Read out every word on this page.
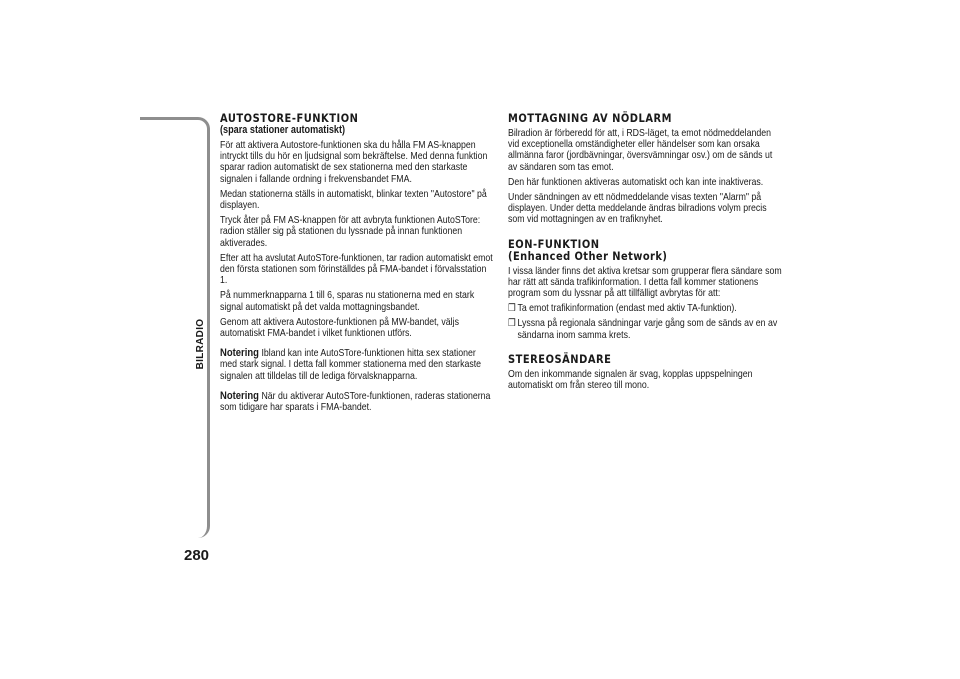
BILRADIO
280
AUTOSTORE-FUNKTION
(spara stationer automatiskt)

För att aktivera Autostore-funktionen ska du hålla FM AS-knappen intryckt tills du hör en ljudsignal som bekräftelse. Med denna funktion sparar radion automatiskt de sex stationerna med den starkaste signalen i fallande ordning i frekvensbandet FMA.

Medan stationerna ställs in automatiskt, blinkar texten "Autostore" på displayen.

Tryck åter på FM AS-knappen för att avbryta funktionen AutoSTore: radion ställer sig på stationen du lyssnade på innan funktionen aktiverades.

Efter att ha avslutat AutoSTore-funktionen, tar radion automatiskt emot den första stationen som förinställdes på FMA-bandet i förvalsstation 1.

På nummerknapparna 1 till 6, sparas nu stationerna med en stark signal automatiskt på det valda mottagningsbandet.

Genom att aktivera Autostore-funktionen på MW-bandet, väljs automatiskt FMA-bandet i vilket funktionen utförs.

Notering Ibland kan inte AutoSTore-funktionen hitta sex stationer med stark signal. I detta fall kommer stationerna med den starkaste signalen att tilldelas till de lediga förvalsknapparna.

Notering När du aktiverar AutoSTore-funktionen, raderas stationerna som tidigare har sparats i FMA-bandet.

MOTTAGNING AV NÖDLARM

Bilradion är förberedd för att, i RDS-läget, ta emot nödmeddelanden vid exceptionella omständigheter eller händelser som kan orsaka allmänna faror (jordbävningar, översvämningar osv.) om de sänds ut av sändaren som tas emot.

Den här funktionen aktiveras automatiskt och kan inte inaktiveras.

Under sändningen av ett nödmeddelande visas texten "Alarm" på displayen. Under detta meddelande ändras bilradions volym precis som vid mottagningen av en trafiknyhet.

EON-FUNKTION
(Enhanced Other Network)

I vissa länder finns det aktiva kretsar som grupperar flera sändare som har rätt att sända trafikinformation. I detta fall kommer stationens program som du lyssnar på att tillfälligt avbrytas för att:

❒ Ta emot trafikinformation (endast med aktiv TA-funktion).
❒ Lyssna på regionala sändningar varje gång som de sänds av en av sändarna inom samma krets.
STEREOSÄNDARE

Om den inkommande signalen är svag, kopplas uppspelningen automatiskt om från stereo till mono.
